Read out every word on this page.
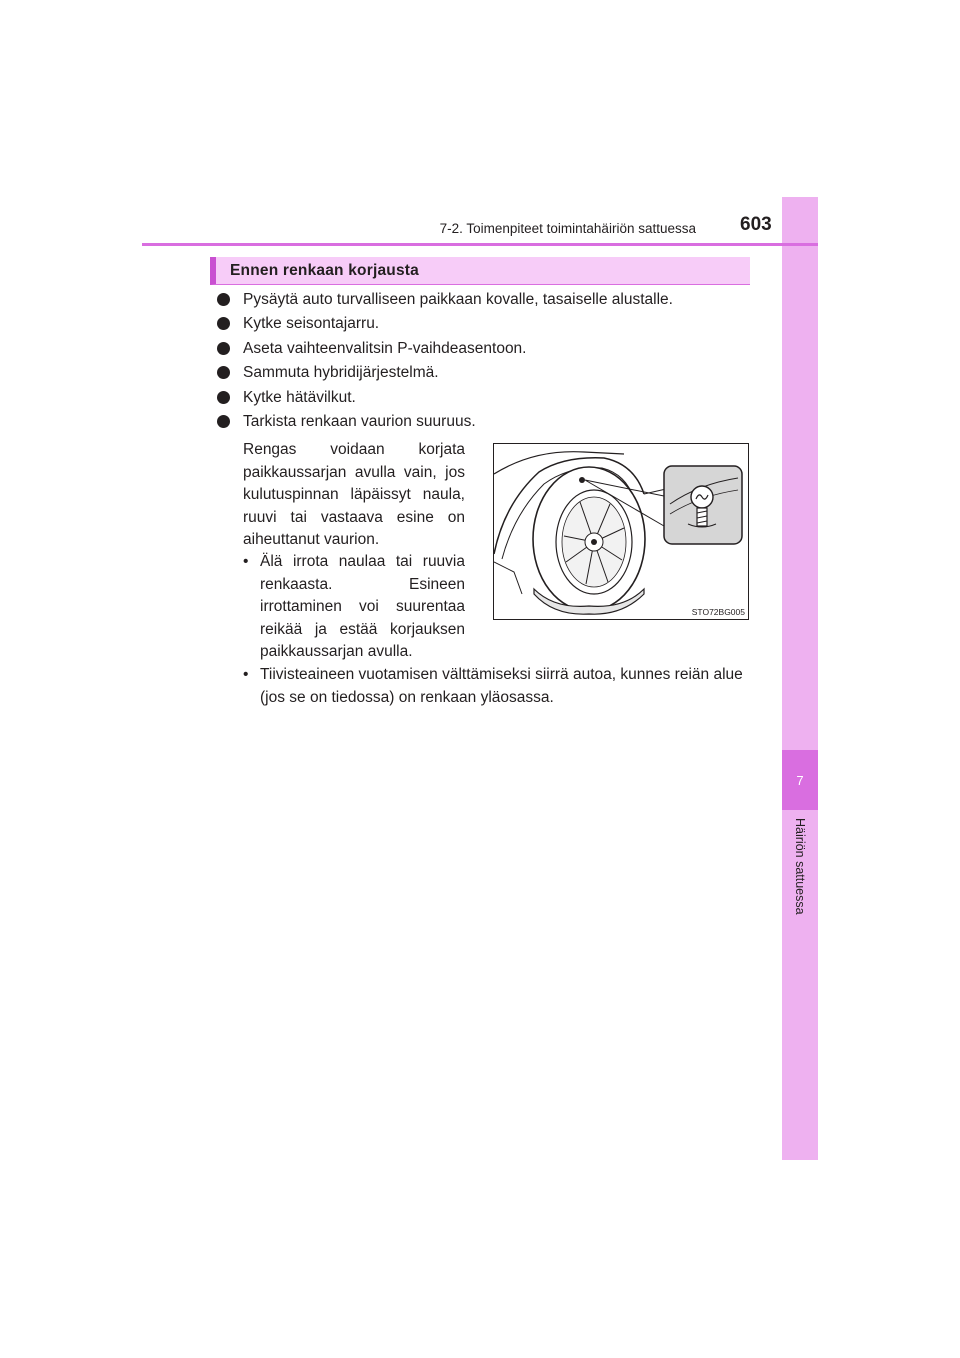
7
Häiriön sattuessa
7-2. Toimenpiteet toimintahäiriön sattuessa 603
Ennen renkaan korjausta
Pysäytä auto turvalliseen paikkaan kovalle, tasaiselle alustalle.
Kytke seisontajarru.
Aseta vaihteenvalitsin P-vaihdeasentoon.
Sammuta hybridijärjestelmä.
Kytke hätävilkut.
Tarkista renkaan vaurion suuruus.
Rengas voidaan korjata paikkaussarjan avulla vain, jos kulutuspinnan läpäissyt naula, ruuvi tai vastaava esine on aiheuttanut vaurion.
• Älä irrota naulaa tai ruuvia renkaasta. Esineen irrottaminen voi suurentaa reikää ja estää korjauksen paikkaussarjan avulla.
• Tiivisteaineen vuotamisen välttämiseksi siirrä autoa, kunnes reiän alue (jos se on tiedossa) on renkaan yläosassa.
STO72BG005
